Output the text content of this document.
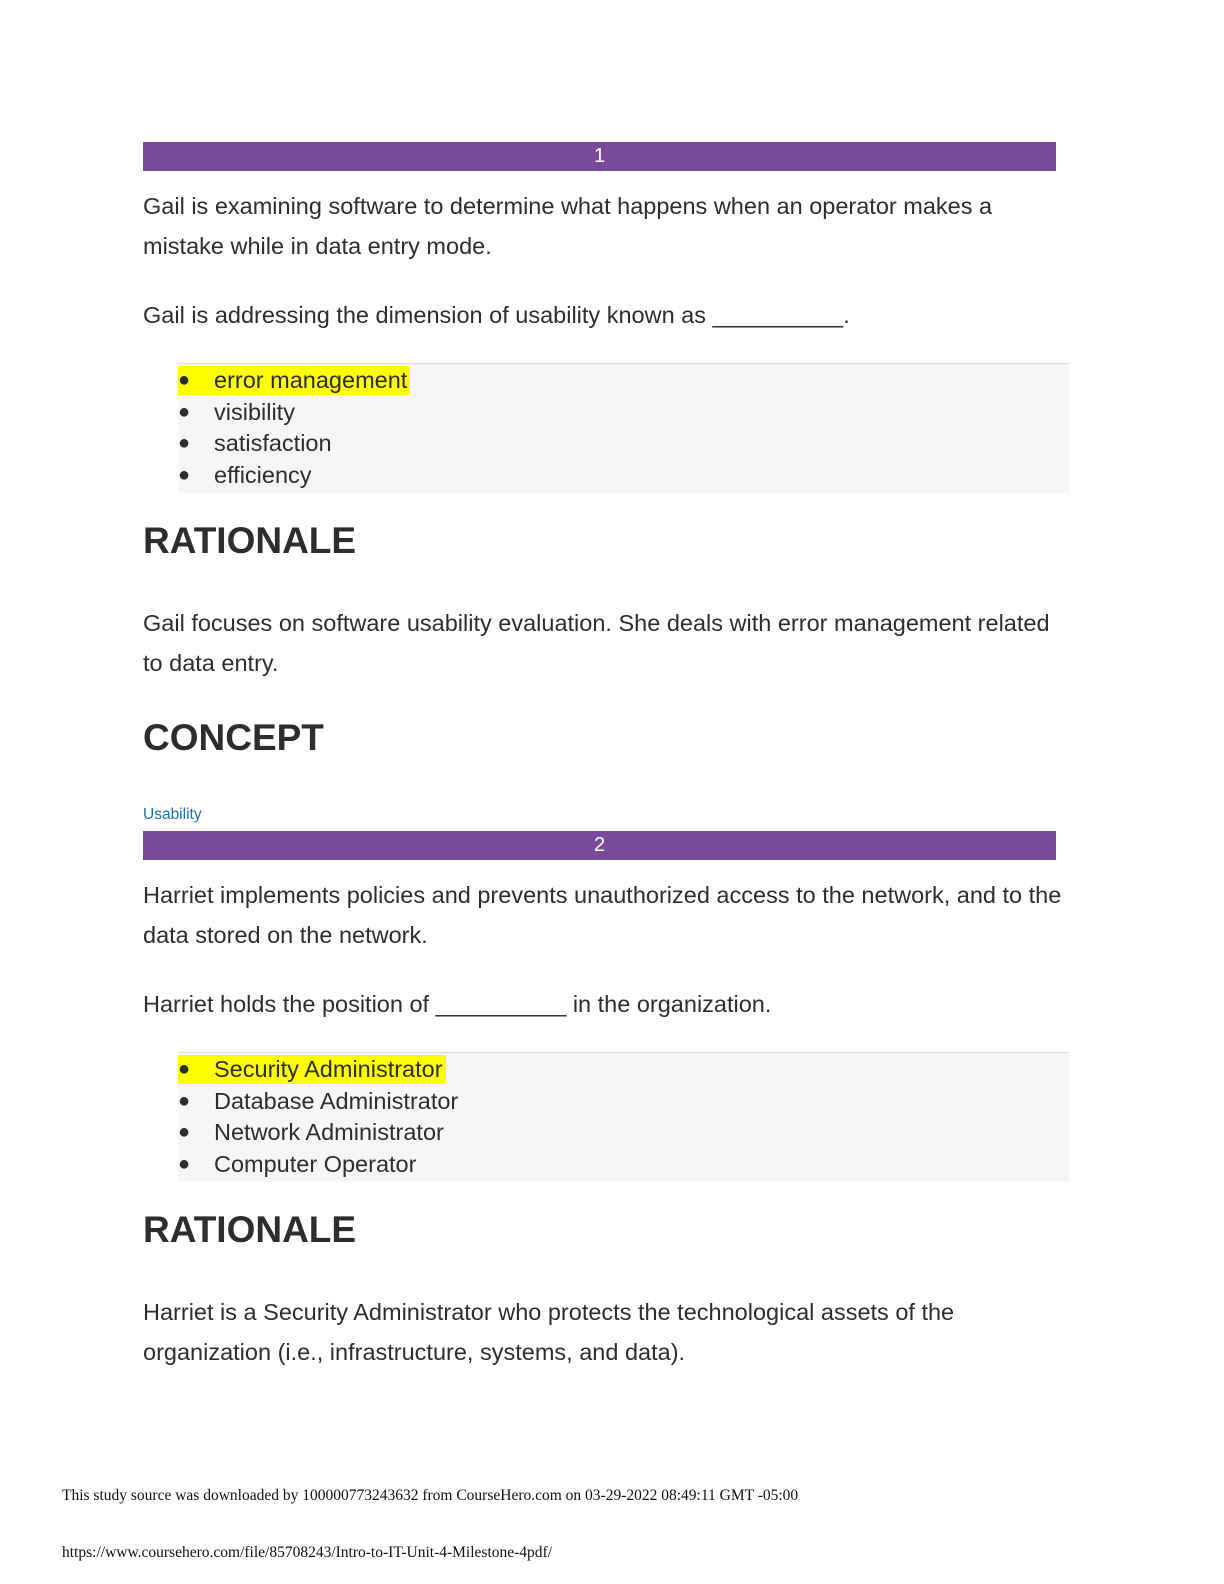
1

Gail is examining software to determine what happens when an operator makes a mistake while in data entry mode.

Gail is addressing the dimension of usability known as __________.

●	error management
●	visibility
●	satisfaction
●	efficiency
RATIONALE

Gail focuses on software usability evaluation. She deals with error management related to data entry.

CONCEPT
Usability
2

Harriet implements policies and prevents unauthorized access to the network, and to the data stored on the network.

Harriet holds the position of __________ in the organization.

●	Security Administrator
●	Database Administrator
●	Network Administrator
●	Computer Operator
RATIONALE

Harriet is a Security Administrator who protects the technological assets of the organization (i.e., infrastructure, systems, and data).

This study source was downloaded by 100000773243632 from CourseHero.com on 03-29-2022 08:49:11 GMT -05:00
https://www.coursehero.com/file/85708243/Intro-to-IT-Unit-4-Milestone-4pdf/
